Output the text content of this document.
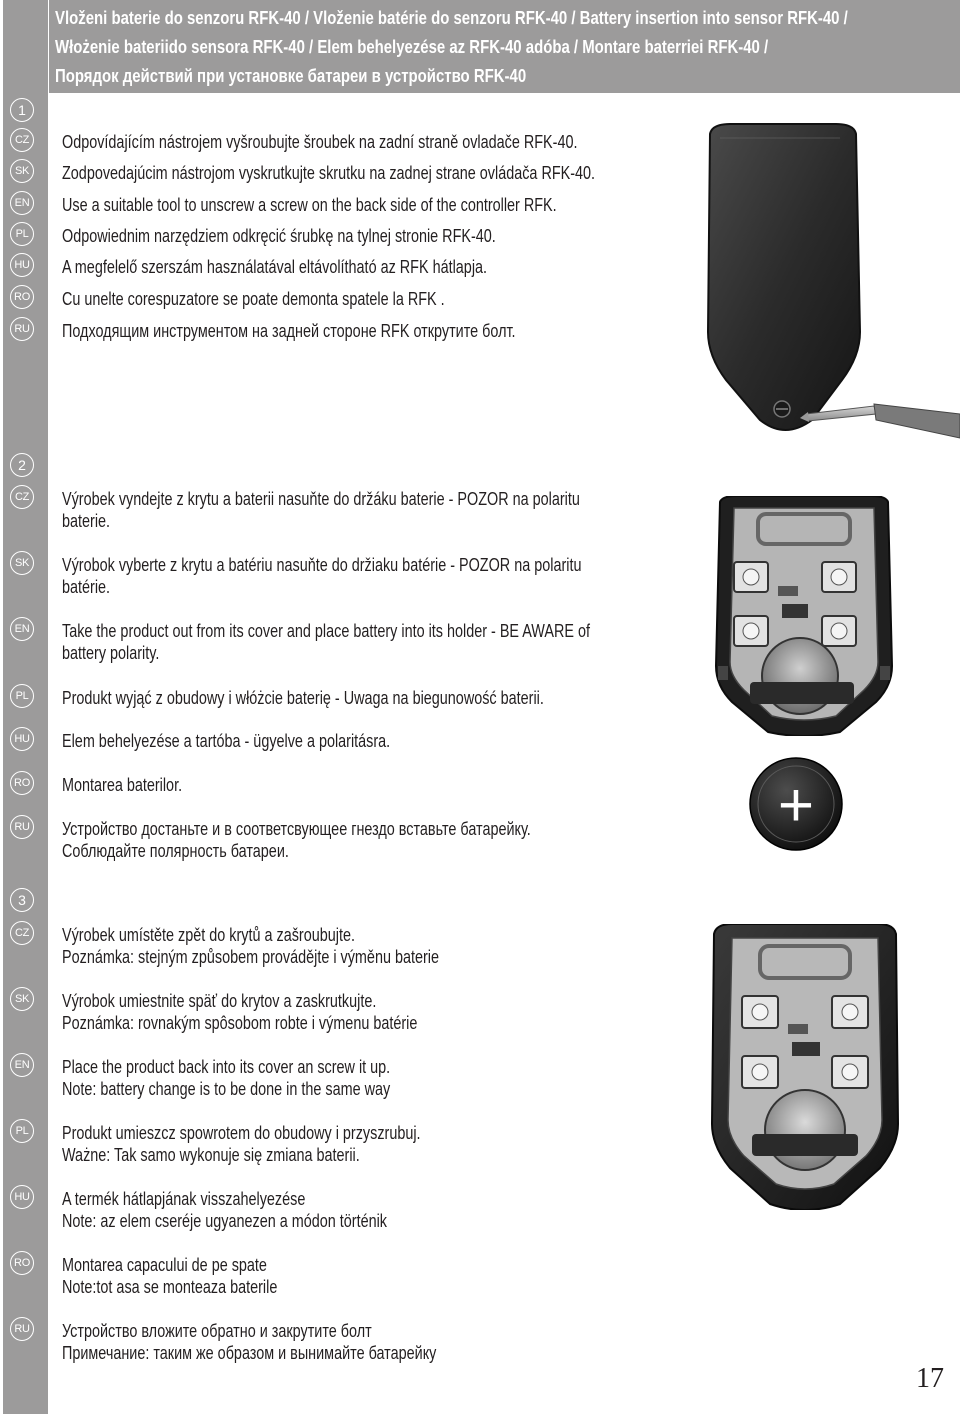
Vloženi baterie do senzoru RFK-40 / Vloženie batérie do senzoru RFK-40 / Battery insertion into sensor RFK-40 /
Włożenie bateriido sensora RFK-40 / Elem behelyezése az RFK-40 adóba / Montare baterriei RFK-40 /
Порядок действий при установке батареи в устройство RFK-40
1
CZ Odpovídajícím nástrojem vyšroubujte šroubek na zadní straně ovladače RFK-40.
SK Zodpovedajúcim nástrojom vyskrutkujte skrutku na zadnej strane ovládača RFK-40.
EN Use a suitable tool to unscrew a screw on the back side of the controller RFK.
PL	Odpowiednim narzędziem odkręcić śrubkę na tylnej stronie RFK-40.
HU A megfelelő szerszám használatával eltávolítható az RFK hátlapja.
RO Cu unelte corespuzatore se poate demonta spatele la RFK .
RU Подходящим инструментом на задней стороне RFK открутите болт.
2
CZ Výrobek vyndejte z krytu a baterii nasuňte do držáku baterie - POZOR na polaritu
baterie.
SK Výrobok vyberte z krytu a batériu nasuňte do držiaku batérie - POZOR na polaritu
batérie.
EN Take the product out from its cover and place battery into its holder - BE AWARE of
battery polarity.
PL	Produkt wyjąć z obudowy i włóżcie baterię - Uwaga na biegunowość baterii.
HU Elem behelyezése a tartóba - ügyelve a polaritásra.
RO Montarea baterilor.
RU Устройство достаньте и в соответсвующее гнездо вставьте батарейку.
Соблюдайте полярность батареи.
+
3
CZ Výrobek umístěte zpět do krytů a zašroubujte.
Poznámka: stejným způsobem provádějte i výměnu baterie
SK Výrobok umiestnite späť do krytov a zaskrutkujte.
Poznámka: rovnakým spôsobom robte i výmenu batérie
EN Place the product back into its cover an screw it up.
Note: battery change is to be done in the same way
PL	Produkt umieszcz spowrotem do obudowy i przyszrubuj.
Ważne: Tak samo wykonuje się zmiana baterii.
HU A termék hátlapjának visszahelyezése
Note: az elem cseréje ugyanezen a módon történik
RO Montarea capacului de pe spate
Note:tot asa se monteaza baterile
RU Устройство вложите обратно и закрутите болт
Примечание: таким же образом и вынимайте батарейку
17
